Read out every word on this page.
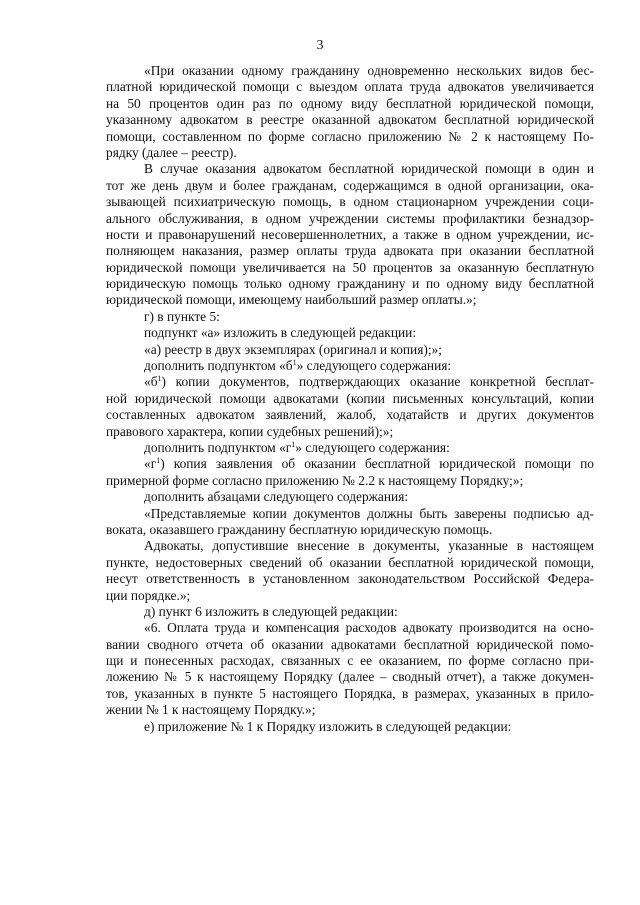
3
«При оказании одному гражданину одновременно нескольких видов бес-
платной юридической помощи с выездом оплата труда адвокатов увеличивается
на 50 процентов один раз по одному виду бесплатной юридической помощи,
указанному адвокатом в реестре оказанной адвокатом бесплатной юридической
помощи, составленном по форме согласно приложению № 2 к настоящему По-
рядку (далее – реестр).
В случае оказания адвокатом бесплатной юридической помощи в один и
тот же день двум и более гражданам, содержащимся в одной организации, ока-
зывающей психиатрическую помощь, в одном стационарном учреждении соци-
ального обслуживания, в одном учреждении системы профилактики безнадзор-
ности и правонарушений несовершеннолетних, а также в одном учреждении, ис-
полняющем наказания, размер оплаты труда адвоката при оказании бесплатной
юридической помощи увеличивается на 50 процентов за оказанную бесплатную
юридическую помощь только одному гражданину и по одному виду бесплатной
юридической помощи, имеющему наибольший размер оплаты.»;
г) в пункте 5:
подпункт «а» изложить в следующей редакции:
«а) реестр в двух экземплярах (оригинал и копия);»;
дополнить подпунктом «$б^1$» следующего содержания:
«$б^1$) копии документов, подтверждающих оказание конкретной бесплат-
ной юридической помощи адвокатами (копии письменных консультаций, копии
составленных адвокатом заявлений, жалоб, ходатайств и других документов
правового характера, копии судебных решений);»;
дополнить подпунктом «$г^1$» следующего содержания:
«$г^1$) копия заявления об оказании бесплатной юридической помощи по
примерной форме согласно приложению № 2.2 к настоящему Порядку;»;
дополнить абзацами следующего содержания:
«Представляемые копии документов должны быть заверены подписью ад-
воката, оказавшего гражданину бесплатную юридическую помощь.
Адвокаты, допустившие внесение в документы, указанные в настоящем
пункте, недостоверных сведений об оказании бесплатной юридической помощи,
несут ответственность в установленном законодательством Российской Федера-
ции порядке.»;
д) пункт 6 изложить в следующей редакции:
«6. Оплата труда и компенсация расходов адвокату производится на осно-
вании сводного отчета об оказании адвокатами бесплатной юридической помо-
щи и понесенных расходах, связанных с ее оказанием, по форме согласно при-
ложению № 5 к настоящему Порядку (далее – сводный отчет), а также докумен-
тов, указанных в пункте 5 настоящего Порядка, в размерах, указанных в прило-
жении № 1 к настоящему Порядку.»;
е) приложение № 1 к Порядку изложить в следующей редакции:
